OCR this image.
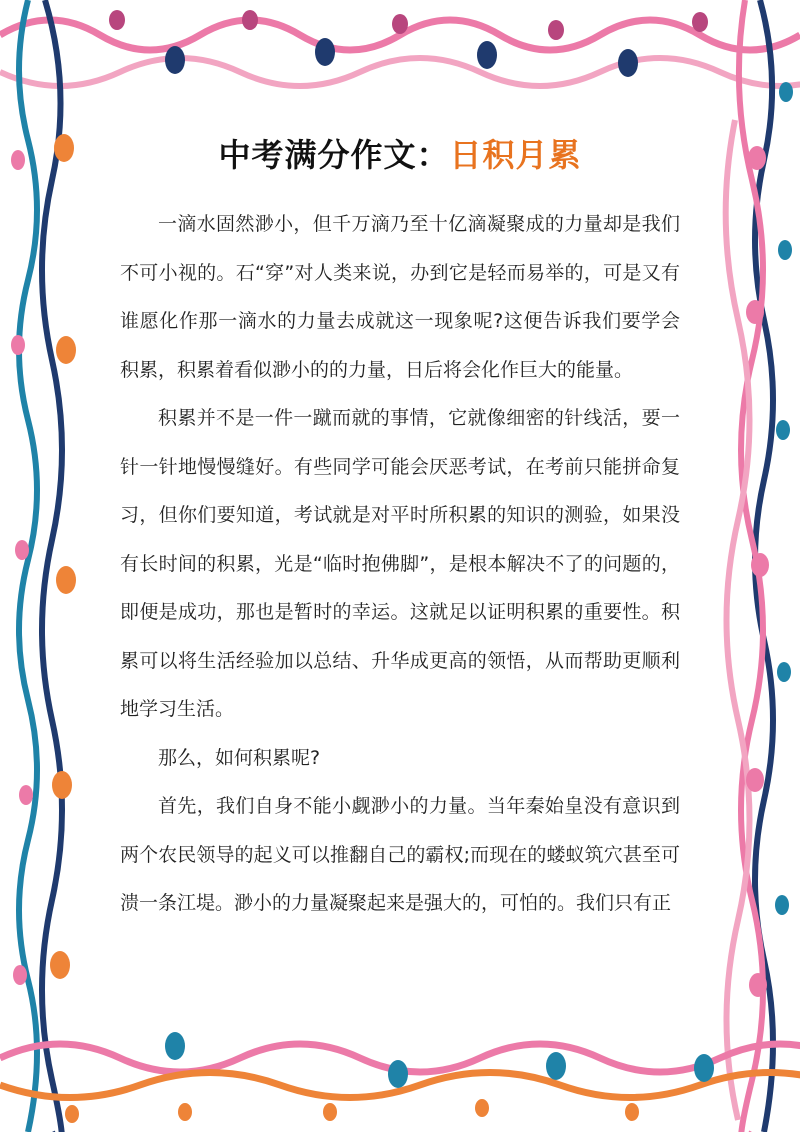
中考满分作文：日积月累

一滴水固然渺小，但千万滴乃至十亿滴凝聚成的力量却是我们不可小视的。石“穿”对人类来说，办到它是轻而易举的，可是又有谁愿化作那一滴水的力量去成就这一现象呢?这便告诉我们要学会积累，积累着看似渺小的的力量，日后将会化作巨大的能量。

积累并不是一件一蹴而就的事情，它就像细密的针线活，要一针一针地慢慢缝好。有些同学可能会厌恶考试，在考前只能拼命复习，但你们要知道，考试就是对平时所积累的知识的测验，如果没有长时间的积累，光是“临时抱佛脚”，是根本解决不了的问题的，即便是成功，那也是暂时的幸运。这就足以证明积累的重要性。积累可以将生活经验加以总结、升华成更高的领悟，从而帮助更顺利地学习生活。

那么，如何积累呢?

首先，我们自身不能小觑渺小的力量。当年秦始皇没有意识到两个农民领导的起义可以推翻自己的霸权;而现在的蝼蚁筑穴甚至可溃一条江堤。渺小的力量凝聚起来是强大的，可怕的。我们只有正
